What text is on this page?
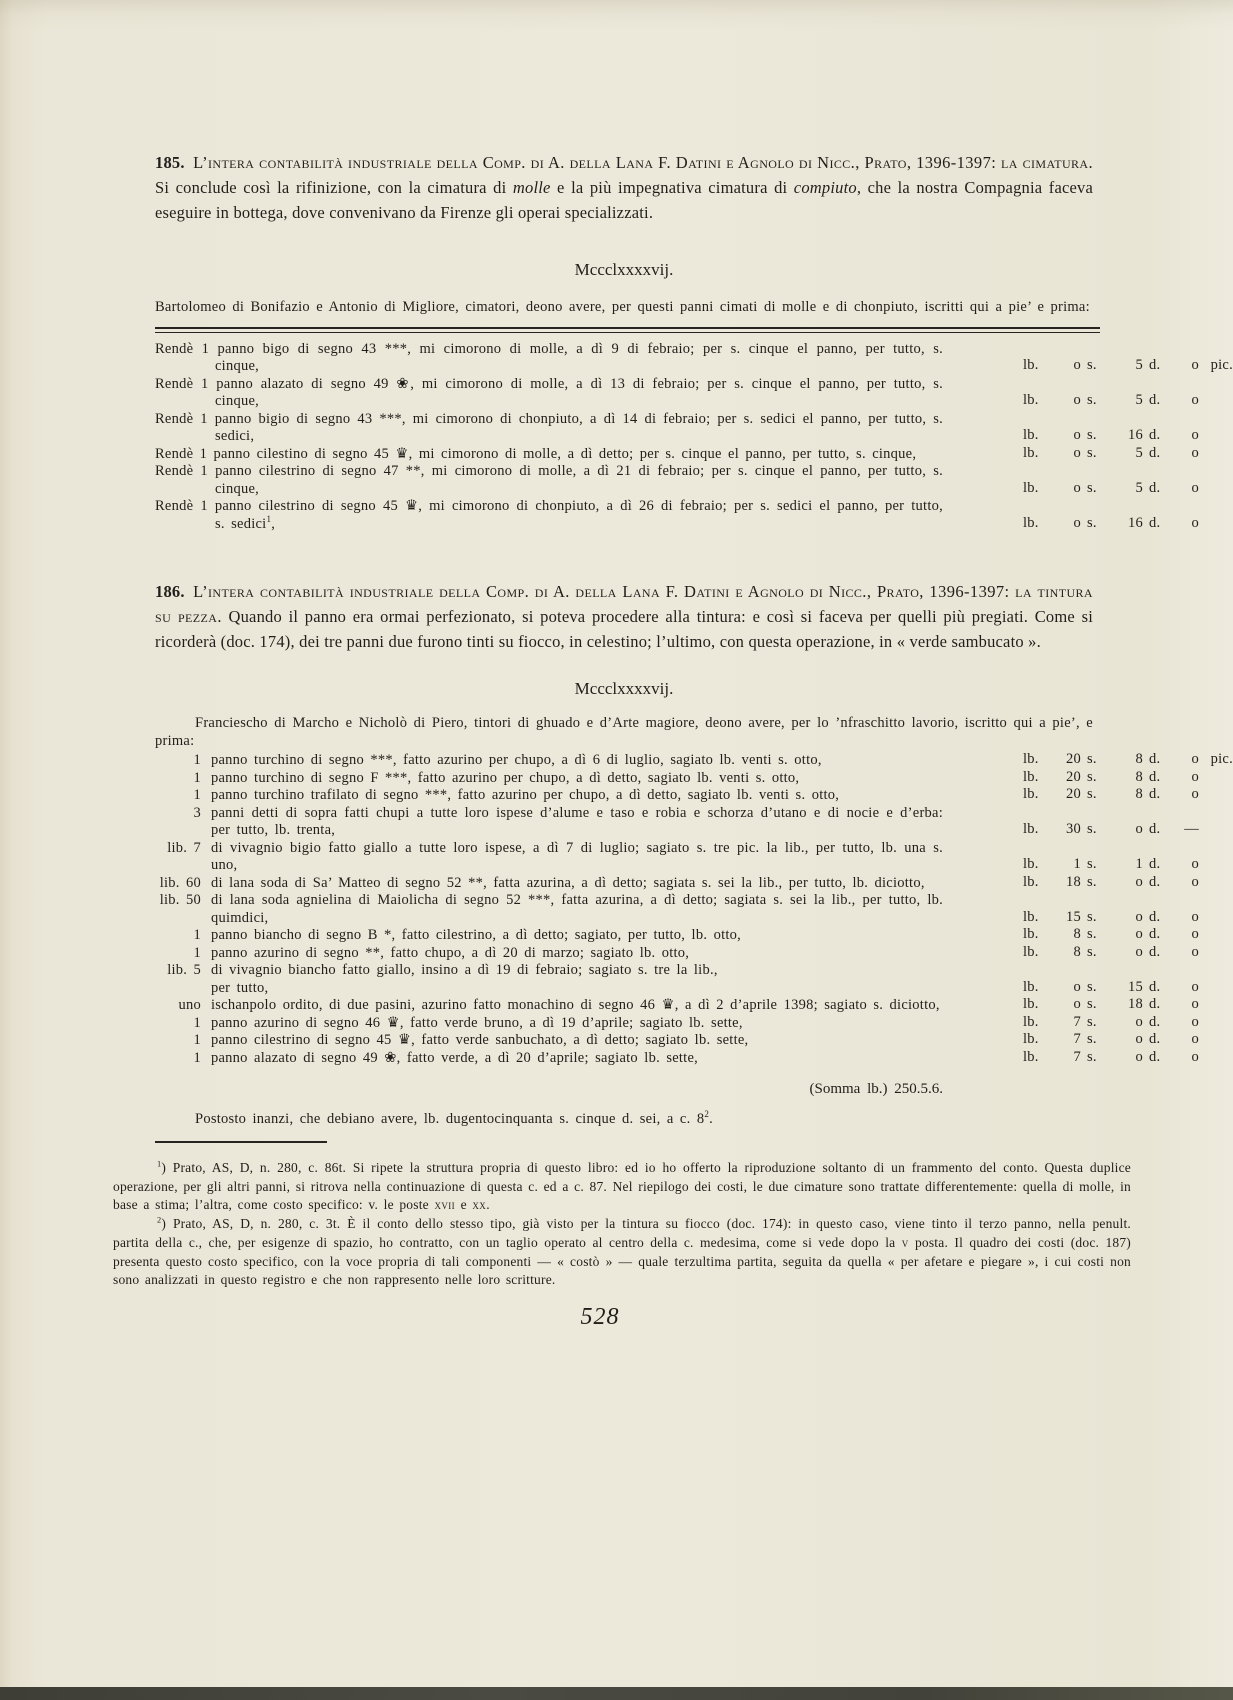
185. L’intera contabilità industriale della Comp. di A. della Lana F. Datini e Agnolo di Nicc., Prato, 1396-1397: la cimatura. Si conclude così la rifinizione, con la cimatura di molle e la più impegnativa cimatura di compiuto, che la nostra Compagnia faceva eseguire in bottega, dove convenivano da Firenze gli operai specializzati.

Mccclxxxxvij.

Bartolomeo di Bonifazio e Antonio di Migliore, cimatori, deono avere, per questi panni cimati di molle e di chonpiuto, iscritti qui a pie’ e prima:

Rendè 1 panno bigo di segno 43 ***, mi cimorono di molle, a dì 9 di febraio; per s. cinque el panno, per tutto, s. cinque,	lb.	o s.	5 d.	o pic.
Rendè 1 panno alazato di segno 49 ❀, mi cimorono di molle, a dì 13 di febraio; per s. cinque el panno, per tutto, s. cinque,	lb.	o s.	5 d.	o
Rendè 1 panno bigio di segno 43 ***, mi cimorono di chonpiuto, a dì 14 di febraio; per s. sedici el panno, per tutto, s. sedici,	lb.	o s.	16 d.	o
Rendè 1 panno cilestino di segno 45 ♛, mi cimorono di molle, a dì detto; per s. cinque el panno, per tutto, s. cinque,	lb.	o s.	5 d.	o
Rendè 1 panno cilestrino di segno 47 **, mi cimorono di molle, a dì 21 di febraio; per s. cinque el panno, per tutto, s. cinque,	lb.	o s.	5 d.	o
Rendè 1 panno cilestrino di segno 45 ♛, mi cimorono di chonpiuto, a dì 26 di febraio; per s. sedici el panno, per tutto, s. sedici$^1$,	lb.	o s.	16 d.	o

186. L’intera contabilità industriale della Comp. di A. della Lana F. Datini e Agnolo di Nicc., Prato, 1396-1397: la tintura su pezza. Quando il panno era ormai perfezionato, si poteva procedere alla tintura: e così si faceva per quelli più pregiati. Come si ricorderà (doc. 174), dei tre panni due furono tinti su fiocco, in celestino; l’ultimo, con questa operazione, in « verde sambucato ».

Mccclxxxxvij.

Franciescho di Marcho e Nicholò di Piero, tintori di ghuado e d’Arte magiore, deono avere, per lo ’nfraschitto lavorio, iscritto qui a pie’, e prima:

1 panno turchino di segno ***, fatto azurino per chupo, a dì 6 di luglio, sagiato lb. venti s. otto,	lb.	20 s.	8 d.	o pic.
1 panno turchino di segno F ***, fatto azurino per chupo, a dì detto, sagiato lb. venti s. otto,	lb.	20 s.	8 d.	o
1 panno turchino trafilato di segno ***, fatto azurino per chupo, a dì detto, sagiato lb. venti s. otto,	lb.	20 s.	8 d.	o
3 panni detti di sopra fatti chupi a tutte loro ispese d’alume e taso e robia e schorza d’utano e di nocie e d’erba: per tutto, lb. trenta,	lb.	30 s.	o d.	—
lib. 7 di vivagnio bigio fatto giallo a tutte loro ispese, a dì 7 di luglio; sagiato s. tre pic. la lib., per tutto, lb. una s. uno,	lb.	1 s.	1 d.	o
lib. 60 di lana soda di Sa’ Matteo di segno 52 **, fatta azurina, a dì detto; sagiata s. sei la lib., per tutto, lb. diciotto,	lb.	18 s.	o d.	o
lib. 50 di lana soda agnielina di Maiolicha di segno 52 ***, fatta azurina, a dì detto; sagiata s. sei la lib., per tutto, lb. quimdici,	lb.	15 s.	o d.	o
1 panno biancho di segno B *, fatto cilestrino, a dì detto; sagiato, per tutto, lb. otto,	lb.	8 s.	o d.	o
1 panno azurino di segno **, fatto chupo, a dì 20 di marzo; sagiato lb. otto,	lb.	8 s.	o d.	o
lib. 5 di vivagnio biancho fatto giallo, insino a dì 19 di febraio; sagiato s. tre la lib.,
per tutto,	lb.	o s.	15 d.	o
uno ischanpolo ordito, di due pasini, azurino fatto monachino di segno 46 ♛, a dì 2 d’aprile 1398; sagiato s. diciotto,	lb.	o s.	18 d.	o
1 panno azurino di segno 46 ♛, fatto verde bruno, a dì 19 d’aprile; sagiato lb. sette,	lb.	7 s.	o d.	o
1 panno cilestrino di segno 45 ♛, fatto verde sanbuchato, a dì detto; sagiato lb. sette,	lb.	7 s.	o d.	o
1 panno alazato di segno 49 ❀, fatto verde, a dì 20 d’aprile; sagiato lb. sette,	lb.	7 s.	o d.	o
(Somma lb.) 250.5.6.

Postosto inanzi, che debiano avere, lb. dugentocinquanta s. cinque d. sei, a c. $8^2$.

$^1$) Prato, AS, D, n. 280, c. 86t. Si ripete la struttura propria di questo libro: ed io ho offerto la riproduzione soltanto di un frammento del conto. Questa duplice operazione, per gli altri panni, si ritrova nella continuazione di questa c. ed a c. 87. Nel riepilogo dei costi, le due cimature sono trattate differentemente: quella di molle, in base a stima; l’altra, come costo specifico: v. le poste xvii e xx.

$^2$) Prato, AS, D, n. 280, c. 3t. È il conto dello stesso tipo, già visto per la tintura su fiocco (doc. 174): in questo caso, viene tinto il terzo panno, nella penult. partita della c., che, per esigenze di spazio, ho contratto, con un taglio operato al centro della c. medesima, come si vede dopo la v posta. Il quadro dei costi (doc. 187) presenta questo costo specifico, con la voce propria di tali componenti — « costò » — quale terzultima partita, seguita da quella « per afetare e piegare », i cui costi non sono analizzati in questo registro e che non rappresento nelle loro scritture.

528
